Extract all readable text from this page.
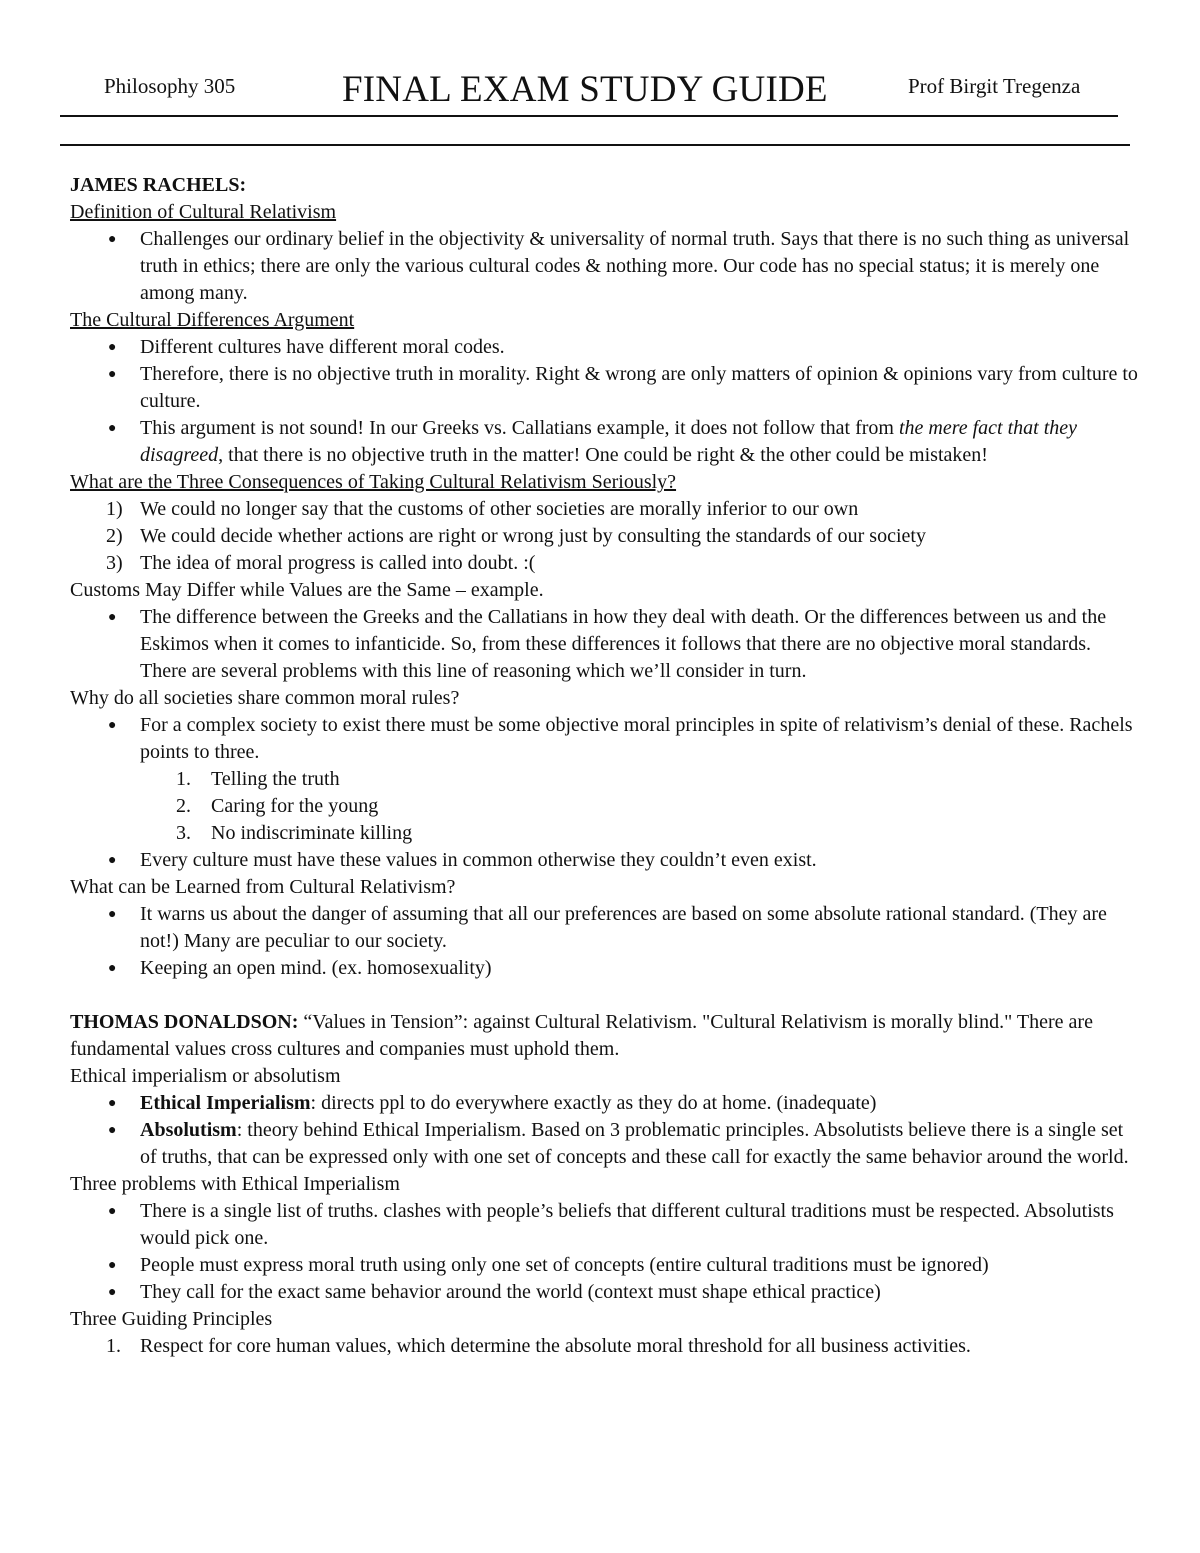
Philosophy 305	FINAL EXAM STUDY GUIDE	Prof Birgit Tregenza

JAMES RACHELS:

Definition of Cultural Relativism

● Challenges our ordinary belief in the objectivity & universality of normal truth. Says that there is no such thing as universal truth in ethics; there are only the various cultural codes & nothing more. Our code has no special status; it is merely one among many.

The Cultural Differences Argument

● Different cultures have different moral codes.
● Therefore, there is no objective truth in morality. Right & wrong are only matters of opinion & opinions vary from culture to culture.
● This argument is not sound! In our Greeks vs. Callatians example, it does not follow that from the mere fact that they disagreed, that there is no objective truth in the matter! One could be right & the other could be mistaken!

What are the Three Consequences of Taking Cultural Relativism Seriously?

1) We could no longer say that the customs of other societies are morally inferior to our own
2) We could decide whether actions are right or wrong just by consulting the standards of our society
3) The idea of moral progress is called into doubt. :(

Customs May Differ while Values are the Same – example.

● The difference between the Greeks and the Callatians in how they deal with death. Or the differences between us and the Eskimos when it comes to infanticide. So, from these differences it follows that there are no objective moral standards. There are several problems with this line of reasoning which we’ll consider in turn.

Why do all societies share common moral rules?

● For a complex society to exist there must be some objective moral principles in spite of relativism’s denial of these. Rachels points to three.
1. Telling the truth
2. Caring for the young
3. No indiscriminate killing
● Every culture must have these values in common otherwise they couldn’t even exist.

What can be Learned from Cultural Relativism?

● It warns us about the danger of assuming that all our preferences are based on some absolute rational standard. (They are not!) Many are peculiar to our society.
● Keeping an open mind. (ex. homosexuality)

THOMAS DONALDSON: “Values in Tension”: against Cultural Relativism. "Cultural Relativism is morally blind." There are fundamental values cross cultures and companies must uphold them.

Ethical imperialism or absolutism

● Ethical Imperialism: directs ppl to do everywhere exactly as they do at home. (inadequate)
● Absolutism: theory behind Ethical Imperialism. Based on 3 problematic principles. Absolutists believe there is a single set of truths, that can be expressed only with one set of concepts and these call for exactly the same behavior around the world.

Three problems with Ethical Imperialism

● There is a single list of truths. clashes with people’s beliefs that different cultural traditions must be respected. Absolutists would pick one.
● People must express moral truth using only one set of concepts (entire cultural traditions must be ignored)
● They call for the exact same behavior around the world (context must shape ethical practice)

Three Guiding Principles

1. Respect for core human values, which determine the absolute moral threshold for all business activities.
